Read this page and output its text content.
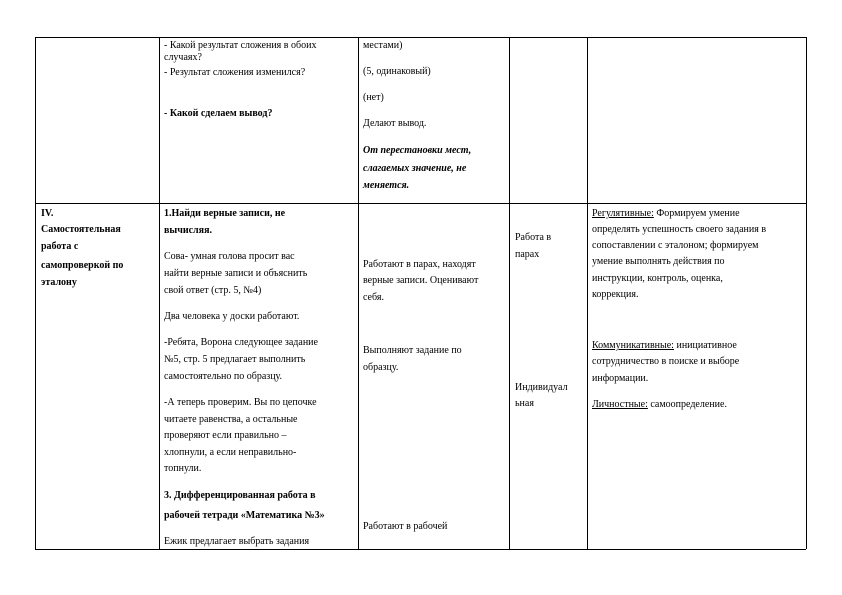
- Какой результат сложения в обоих
случаях?
- Результат сложения изменился?
- Какой сделаем вывод?
местами)
(5, одинаковый)
(нет)
Делают вывод.
От перестановки мест,
слагаемых значение, не
меняется.
IV.
Самостоятельная
работа с
самопроверкой по
эталону
1.Найди верные записи, не
вычисляя.
Сова- умная голова просит вас
найти верные записи и объяснить
свой ответ (стр. 5, №4)
Два человека у доски работают.
-Ребята, Ворона следующее задание
№5, стр. 5 предлагает выполнить
самостоятельно по образцу.
-А теперь проверим. Вы по цепочке
читаете равенства, а остальные
проверяют если правильно –
хлопнули, а если неправильно-
топнули.
3. Дифференцированная работа в
рабочей тетради «Математика №3»
Ежик предлагает выбрать задания
Работают в парах, находят
верные записи. Оценивают
себя.
Выполняют задание по
образцу.
Работают в рабочей
Работа в
парах
Индивидуал
ьная
Регулятивные: Формируем умение
определять успешность своего задания в
сопоставлении с эталоном; формируем
умение выполнять действия по
инструкции, контроль, оценка,
коррекция.
Коммуникативные: инициативное
сотрудничество в поиске и выборе
информации.
Личностные: самоопределение.
